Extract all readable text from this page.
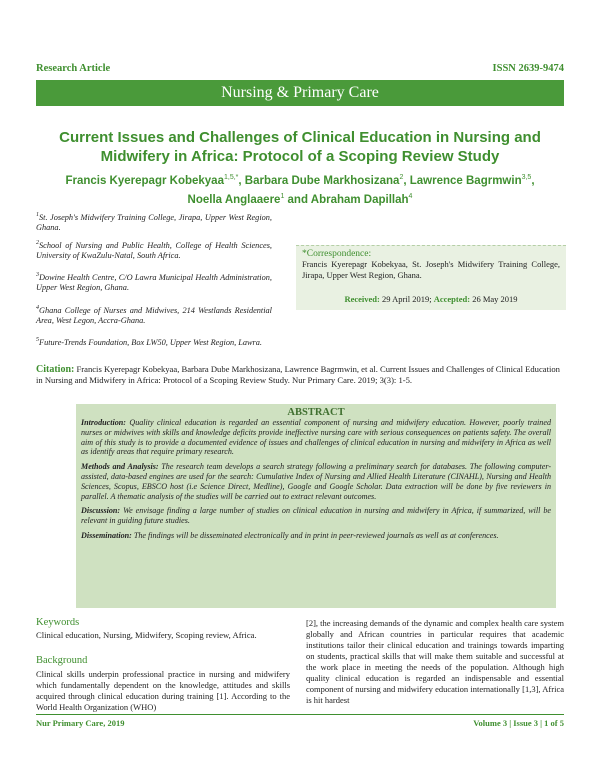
Research Article	ISSN 2639-9474
Nursing & Primary Care
Current Issues and Challenges of Clinical Education in Nursing and Midwifery in Africa: Protocol of a Scoping Review Study
Francis Kyerepagr Kobekyaa$^{1,5,*}$, Barbara Dube Markhosizana$^2$, Lawrence Bagrmwin$^{3,5}$, Noella Anglaaere$^1$ and Abraham Dapillah$^4$
$^1$St. Joseph's Midwifery Training College, Jirapa, Upper West Region, Ghana.
$^2$School of Nursing and Public Health, College of Health Sciences, University of KwaZulu-Natal, South Africa.
$^3$Dowine Health Centre, C/O Lawra Municipal Health Administration, Upper West Region, Ghana.
$^4$Ghana College of Nurses and Midwives, 214 Westlands Residential Area, West Legon, Accra-Ghana.
$^5$Future-Trends Foundation, Box LW50, Upper West Region, Lawra.
*Correspondence:
Francis Kyerepagr Kobekyaa, St. Joseph's Midwifery Training College, Jirapa, Upper West Region, Ghana.
Received: 29 April 2019; Accepted: 26 May 2019
Citation: Francis Kyerepagr Kobekyaa, Barbara Dube Markhosizana, Lawrence Bagrmwin, et al. Current Issues and Challenges of Clinical Education in Nursing and Midwifery in Africa: Protocol of a Scoping Review Study. Nur Primary Care. 2019; 3(3): 1-5.
ABSTRACT

Introduction: Quality clinical education is regarded an essential component of nursing and midwifery education. However, poorly trained nurses or midwives with skills and knowledge deficits provide ineffective nursing care with serious consequences on patients safety. The overall aim of this study is to provide a documented evidence of issues and challenges of clinical education in nursing and midwifery in Africa as well as identify areas that require primary research.

Methods and Analysis: The research team develops a search strategy following a preliminary search for databases. The following computer-assisted, data-based engines are used for the search: Cumulative Index of Nursing and Allied Health Literature (CINAHL), Nursing and Health Sciences, Scopus, EBSCO host (i.e Science Direct, Medline), Google and Google Scholar. Data extraction will be done by five reviewers in parallel. A thematic analysis of the studies will be carried out to extract relevant outcomes.

Discussion: We envisage finding a large number of studies on clinical education in nursing and midwifery in Africa, if summarized, will be relevant in guiding future studies.

Dissemination: The findings will be disseminated electronically and in print in peer-reviewed journals as well as at conferences.

Keywords
Clinical education, Nursing, Midwifery, Scoping review, Africa.
Background
Clinical skills underpin professional practice in nursing and midwifery which fundamentally dependent on the knowledge, attitudes and skills acquired through clinical education during training [1]. According to the World Health Organization (WHO)
[2], the increasing demands of the dynamic and complex health care system globally and African countries in particular requires that academic institutions tailor their clinical education and trainings towards imparting on students, practical skills that will make them suitable and successful at the work place in meeting the needs of the population. Although high quality clinical education is regarded an indispensable and essential component of nursing and midwifery education internationally [1,3], Africa is hit hardest
Nur Primary Care, 2019	Volume 3 | Issue 3 | 1 of 5
